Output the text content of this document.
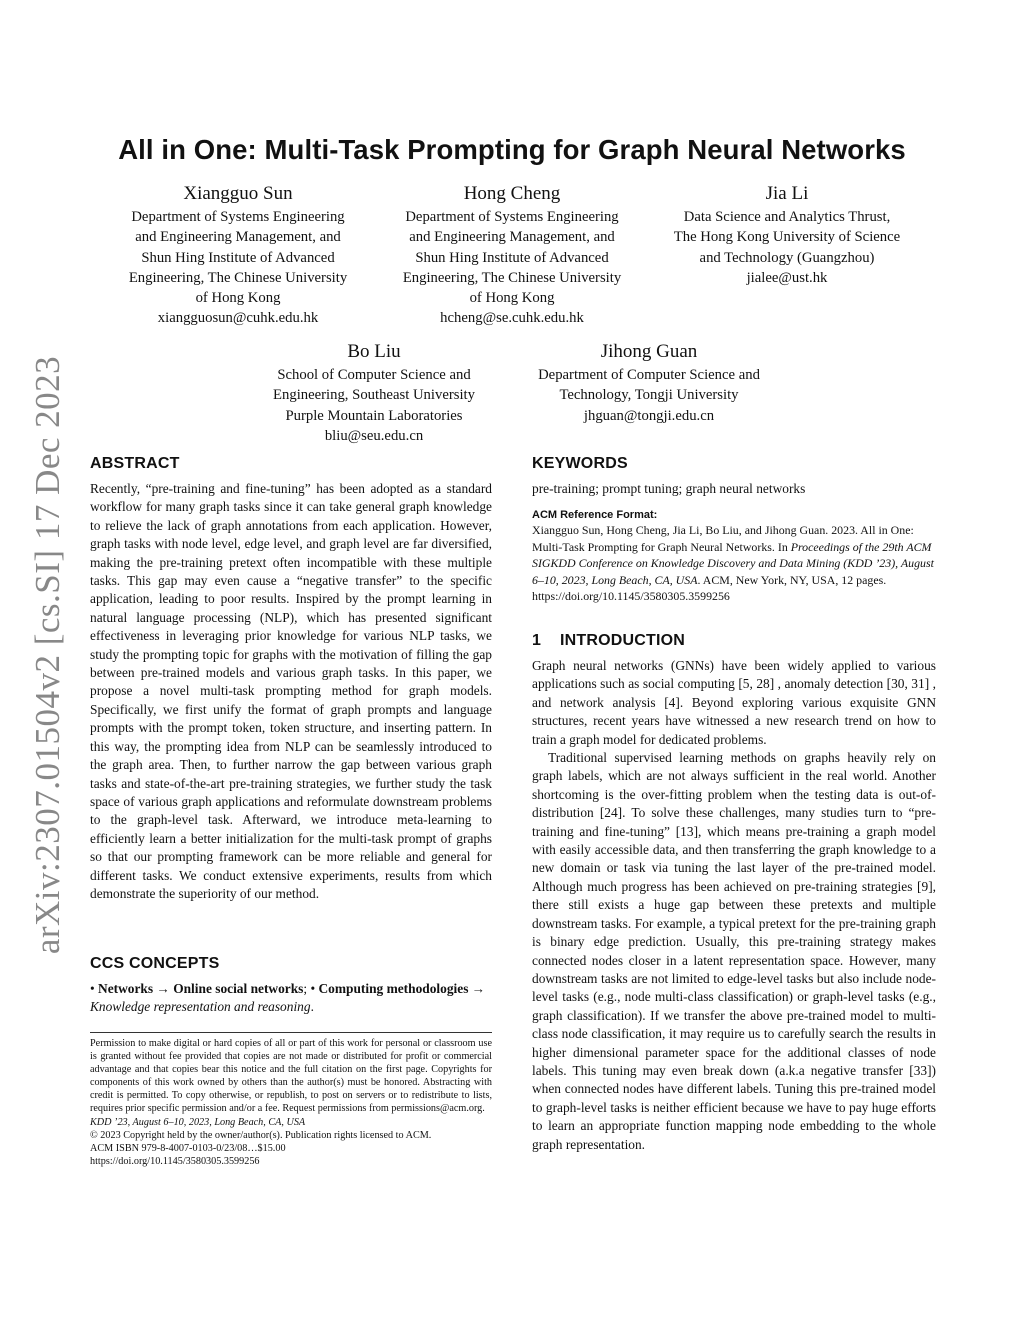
arXiv:2307.01504v2 [cs.SI] 17 Dec 2023
All in One: Multi-Task Prompting for Graph Neural Networks
Xiangguo Sun
Department of Systems Engineering
and Engineering Management, and
Shun Hing Institute of Advanced
Engineering, The Chinese University
of Hong Kong
xiangguosun@cuhk.edu.hk
Hong Cheng
Department of Systems Engineering
and Engineering Management, and
Shun Hing Institute of Advanced
Engineering, The Chinese University
of Hong Kong
hcheng@se.cuhk.edu.hk
Jia Li
Data Science and Analytics Thrust,
The Hong Kong University of Science
and Technology (Guangzhou)
jialee@ust.hk
Bo Liu
School of Computer Science and
Engineering, Southeast University
Purple Mountain Laboratories
bliu@seu.edu.cn
Jihong Guan
Department of Computer Science and
Technology, Tongji University
jhguan@tongji.edu.cn
ABSTRACT

Recently, “pre-training and fine-tuning” has been adopted as a standard workflow for many graph tasks since it can take general graph knowledge to relieve the lack of graph annotations from each application. However, graph tasks with node level, edge level, and graph level are far diversified, making the pre-training pretext often incompatible with these multiple tasks. This gap may even cause a “negative transfer” to the specific application, leading to poor results. Inspired by the prompt learning in natural language processing (NLP), which has presented significant effectiveness in leveraging prior knowledge for various NLP tasks, we study the prompting topic for graphs with the motivation of filling the gap between pre-trained models and various graph tasks. In this paper, we propose a novel multi-task prompting method for graph models. Specifically, we first unify the format of graph prompts and language prompts with the prompt token, token structure, and inserting pattern. In this way, the prompting idea from NLP can be seamlessly introduced to the graph area. Then, to further narrow the gap between various graph tasks and state-of-the-art pre-training strategies, we further study the task space of various graph applications and reformulate downstream problems to the graph-level task. Afterward, we introduce meta-learning to efficiently learn a better initialization for the multi-task prompt of graphs so that our prompting framework can be more reliable and general for different tasks. We conduct extensive experiments, results from which demonstrate the superiority of our method.

CCS CONCEPTS

• Networks → Online social networks; • Computing methodologies → Knowledge representation and reasoning.

Permission to make digital or hard copies of all or part of this work for personal or classroom use is granted without fee provided that copies are not made or distributed for profit or commercial advantage and that copies bear this notice and the full citation on the first page. Copyrights for components of this work owned by others than the author(s) must be honored. Abstracting with credit is permitted. To copy otherwise, or republish, to post on servers or to redistribute to lists, requires prior specific permission and/or a fee. Request permissions from permissions@acm.org.

KDD ’23, August 6–10, 2023, Long Beach, CA, USA

© 2023 Copyright held by the owner/author(s). Publication rights licensed to ACM.

ACM ISBN 979-8-4007-0103-0/23/08…$15.00

https://doi.org/10.1145/3580305.3599256

KEYWORDS

pre-training; prompt tuning; graph neural networks

ACM Reference Format:

Xiangguo Sun, Hong Cheng, Jia Li, Bo Liu, and Jihong Guan. 2023. All in One: Multi-Task Prompting for Graph Neural Networks. In Proceedings of the 29th ACM SIGKDD Conference on Knowledge Discovery and Data Mining (KDD ’23), August 6–10, 2023, Long Beach, CA, USA. ACM, New York, NY, USA, 12 pages. https://doi.org/10.1145/3580305.3599256

1 INTRODUCTION

Graph neural networks (GNNs) have been widely applied to various applications such as social computing [5, 28] , anomaly detection [30, 31] , and network analysis [4]. Beyond exploring various exquisite GNN structures, recent years have witnessed a new research trend on how to train a graph model for dedicated problems.

Traditional supervised learning methods on graphs heavily rely on graph labels, which are not always sufficient in the real world. Another shortcoming is the over-fitting problem when the testing data is out-of-distribution [24]. To solve these challenges, many studies turn to “pre-training and fine-tuning” [13], which means pre-training a graph model with easily accessible data, and then transferring the graph knowledge to a new domain or task via tuning the last layer of the pre-trained model. Although much progress has been achieved on pre-training strategies [9], there still exists a huge gap between these pretexts and multiple downstream tasks. For example, a typical pretext for the pre-training graph is binary edge prediction. Usually, this pre-training strategy makes connected nodes closer in a latent representation space. However, many downstream tasks are not limited to edge-level tasks but also include node-level tasks (e.g., node multi-class classification) or graph-level tasks (e.g., graph classification). If we transfer the above pre-trained model to multi-class node classification, it may require us to carefully search the results in higher dimensional parameter space for the additional classes of node labels. This tuning may even break down (a.k.a negative transfer [33]) when connected nodes have different labels. Tuning this pre-trained model to graph-level tasks is neither efficient because we have to pay huge efforts to learn an appropriate function mapping node embedding to the whole graph representation.
